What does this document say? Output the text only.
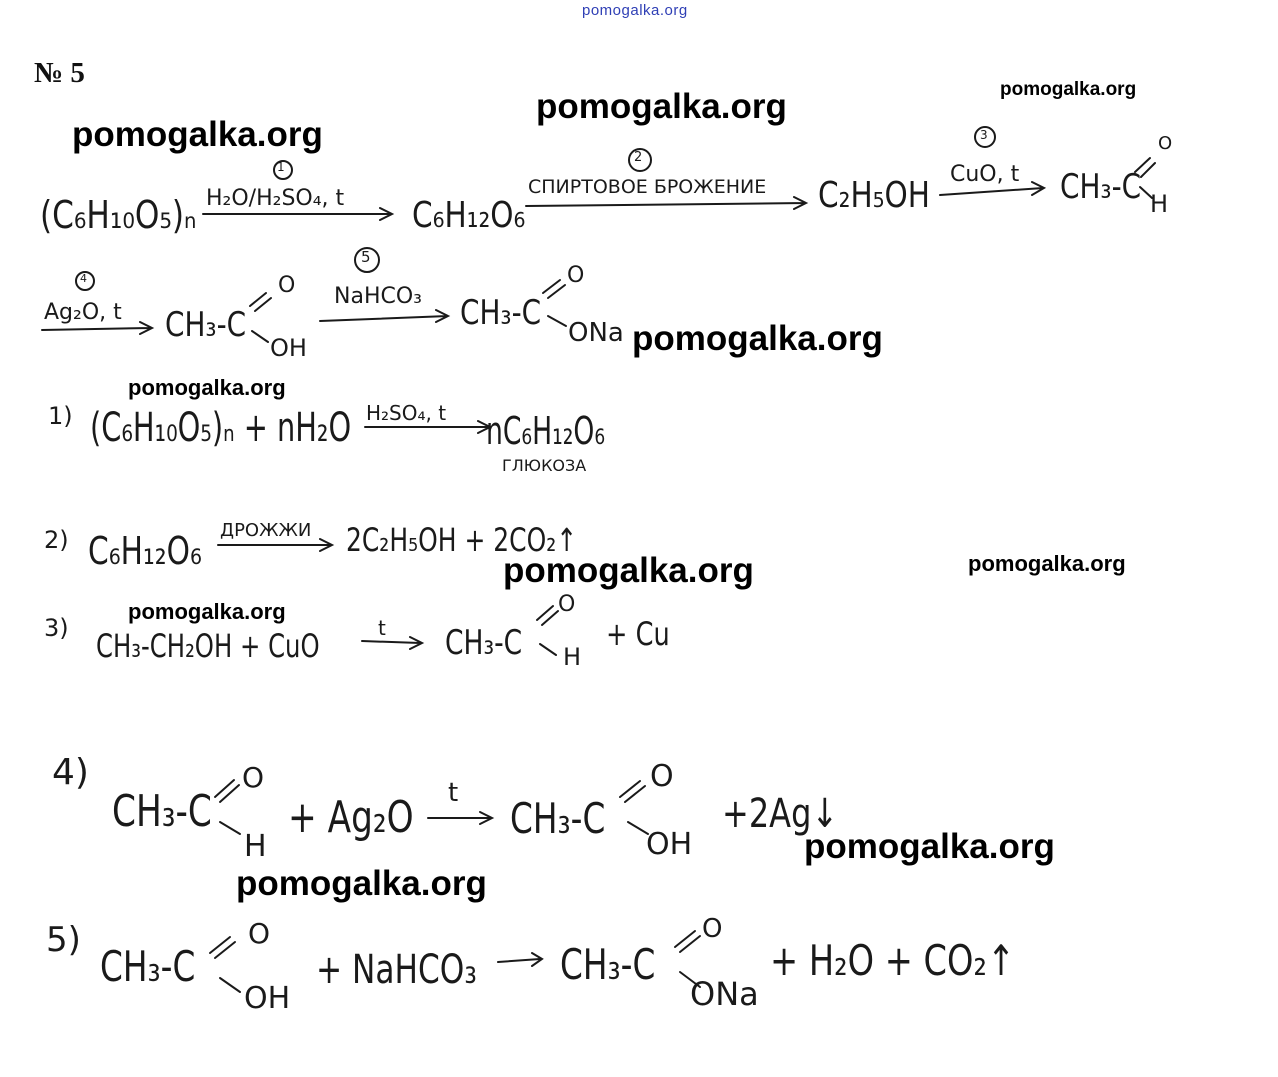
pomogalka.org
№ 5
(C₆H₁₀O₅)ₙ
1
H₂O/H₂SO₄, t C₆H₁₂O₆
2
СПИРТОВОЕ БРОЖЕНИЕ C₂H₅OH
3
CuO, t CH₃-C
O
H
4
Ag₂O, t CH₃-C
O
OH
5
NaHCO₃ CH₃-C
O
ONa
1) (C₆H₁₀O₅)ₙ + nH₂O H₂SO₄, t nC₆H₁₂O₆
ГЛЮКОЗА
2) C₆H₁₂O₆ ДРОЖЖИ 2C₂H₅OH + 2CO₂↑
3) CH₃-CH₂OH + CuO	t CH₃-C
O
H
+ Cu
4)
CH₃-C
O
H
+ Ag₂O t
CH₃-C
O
OH
+2Ag↓
5)
CH₃-C
O
OH
+ NaHCO₃ CH₃-C
O
ONa
+ H₂O + CO₂↑
pomogalka.org	pomogalka.org
pomogalka.org
pomogalka.org
pomogalka.org
pomogalka.org	pomogalka.org
pomogalka.org
pomogalka.org
pomogalka.org
